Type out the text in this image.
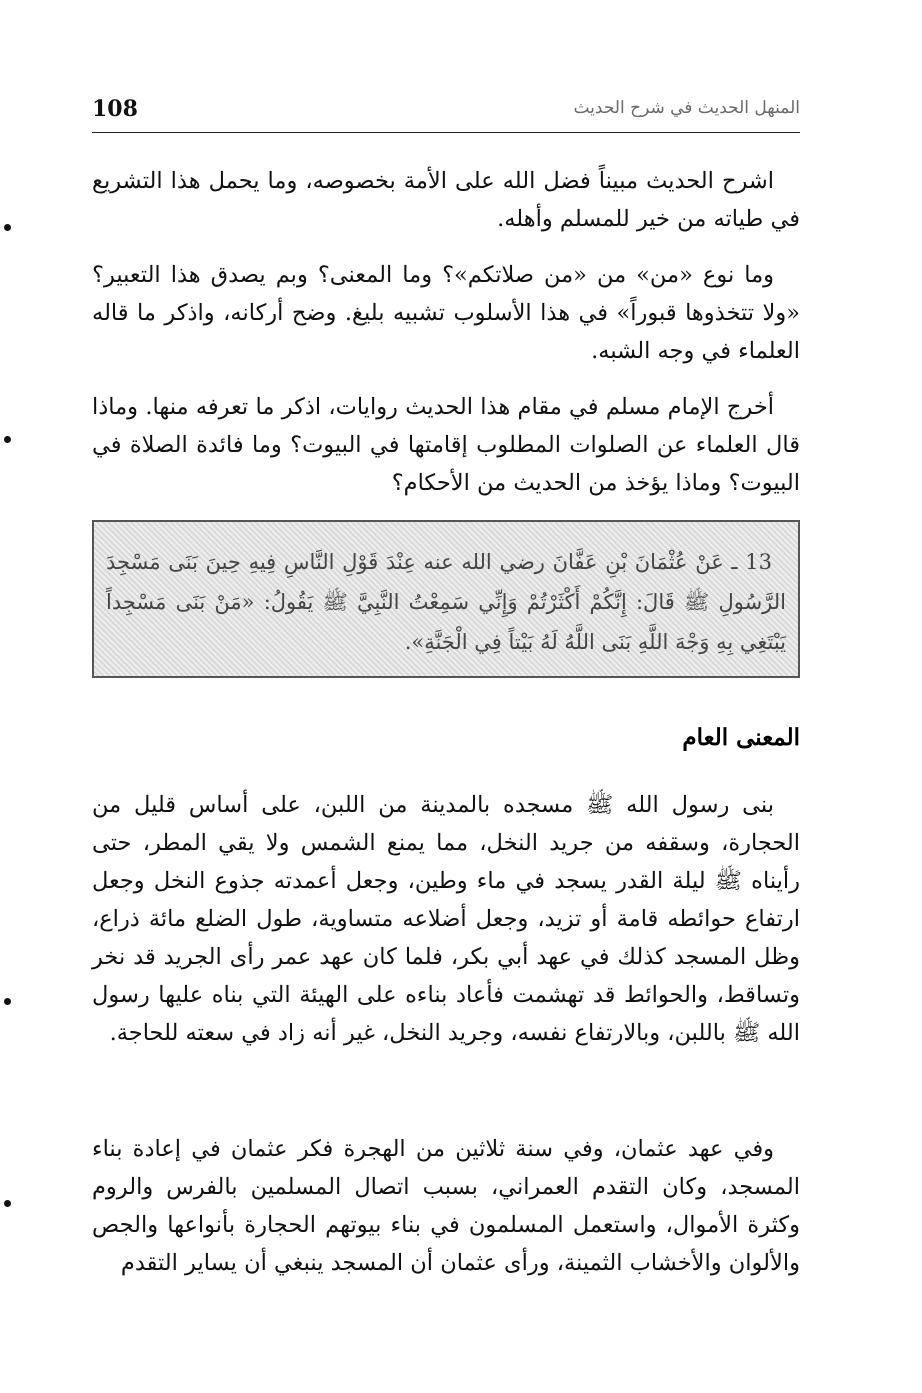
108	المنهل الحديث في شرح الحديث

اشرح الحديث مبيناً فضل الله على الأمة بخصوصه، وما يحمل هذا التشريع في طياته من خير للمسلم وأهله.

وما نوع «من» من «من صلاتكم»؟ وما المعنى؟ وبم يصدق هذا التعبير؟ «ولا تتخذوها قبوراً» في هذا الأسلوب تشبيه بليغ. وضح أركانه، واذكر ما قاله العلماء في وجه الشبه.

أخرج الإمام مسلم في مقام هذا الحديث روايات، اذكر ما تعرفه منها. وماذا قال العلماء عن الصلوات المطلوب إقامتها في البيوت؟ وما فائدة الصلاة في البيوت؟ وماذا يؤخذ من الحديث من الأحكام؟

13 ـ عَنْ عُثْمَانَ بْنِ عَفَّانَ رضي الله عنه عِنْدَ قَوْلِ النَّاسِ فِيهِ حِينَ بَنَى مَسْجِدَ الرَّسُولِ ﷺ قَالَ: إِنَّكُمْ أَكْثَرْتُمْ وَإِنِّي سَمِعْتُ النَّبِيَّ ﷺ يَقُولُ: «مَنْ بَنَى مَسْجِداً يَبْتَغِي بِهِ وَجْهَ اللَّهِ بَنَى اللَّهُ لَهُ بَيْتاً فِي الْجَنَّةِ».
المعنى العام

بنى رسول الله ﷺ مسجده بالمدينة من اللبن، على أساس قليل من الحجارة، وسقفه من جريد النخل، مما يمنع الشمس ولا يقي المطر، حتى رأيناه ﷺ ليلة القدر يسجد في ماء وطين، وجعل أعمدته جذوع النخل وجعل ارتفاع حوائطه قامة أو تزيد، وجعل أضلاعه متساوية، طول الضلع مائة ذراع، وظل المسجد كذلك في عهد أبي بكر، فلما كان عهد عمر رأى الجريد قد نخر وتساقط، والحوائط قد تهشمت فأعاد بناءه على الهيئة التي بناه عليها رسول الله ﷺ باللبن، وبالارتفاع نفسه، وجريد النخل، غير أنه زاد في سعته للحاجة.

وفي عهد عثمان، وفي سنة ثلاثين من الهجرة فكر عثمان في إعادة بناء المسجد، وكان التقدم العمراني، بسبب اتصال المسلمين بالفرس والروم وكثرة الأموال، واستعمل المسلمون في بناء بيوتهم الحجارة بأنواعها والجص والألوان والأخشاب الثمينة، ورأى عثمان أن المسجد ينبغي أن يساير التقدم
